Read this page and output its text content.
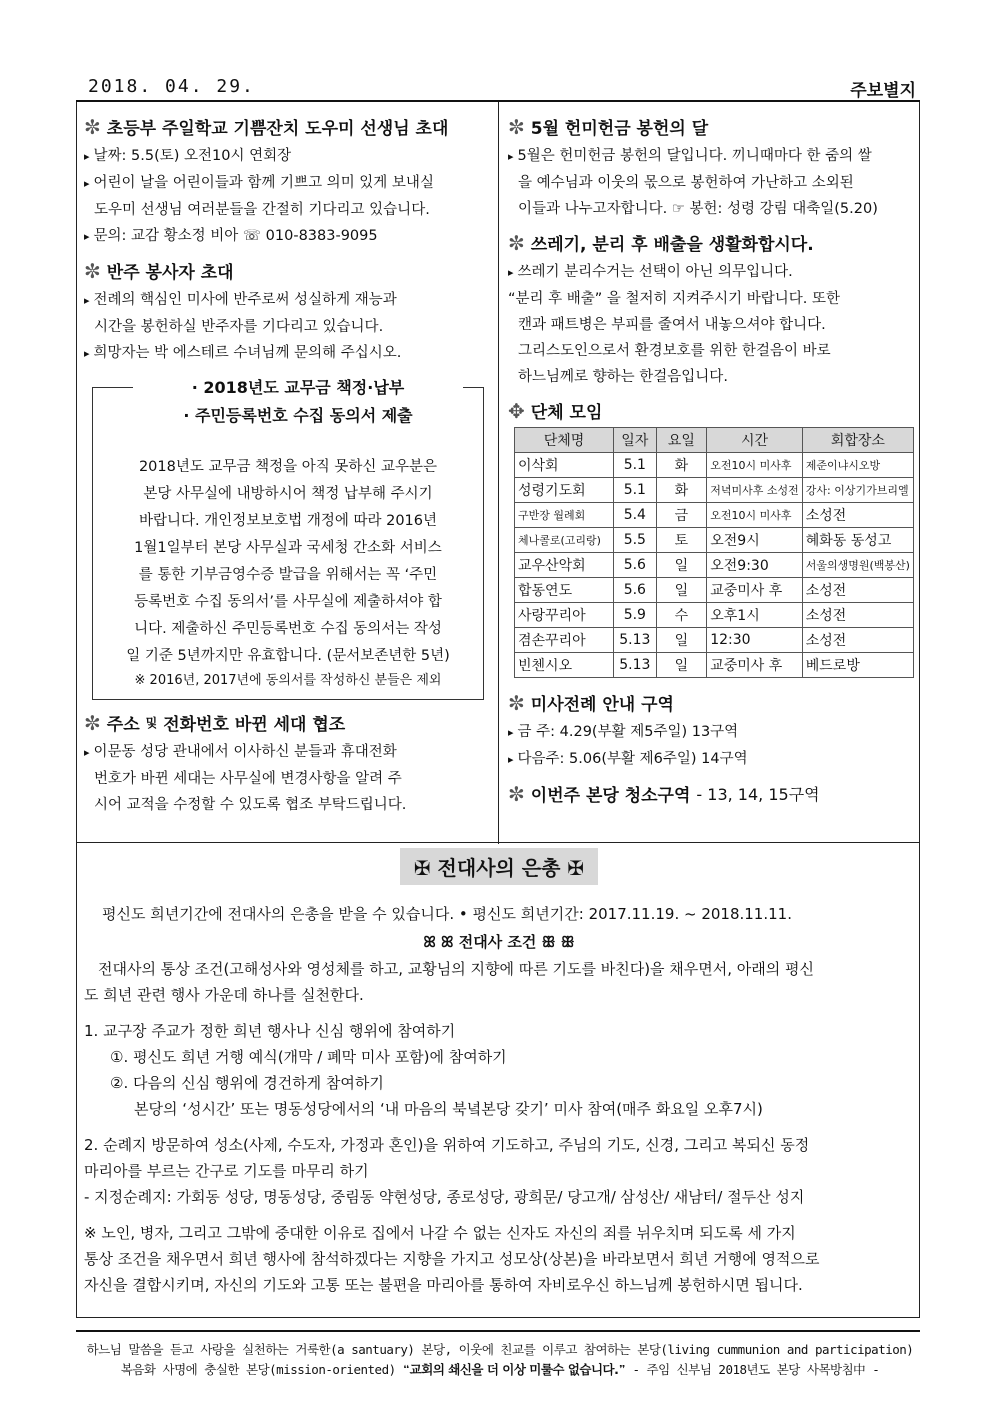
2018. 04. 29.	주보별지
✼ 초등부 주일학교 기쁨잔치 도우미 선생님 초대
▸ 날짜: 5.5(토) 오전10시 연회장
▸ 어린이 날을 어린이들과 함께 기쁘고 의미 있게 보내실
도우미 선생님 여러분들을 간절히 기다리고 있습니다.
▸ 문의: 교감 황소정 비아 ☏ 010-8383-9095
✼ 반주 봉사자 초대
▸ 전례의 핵심인 미사에 반주로써 성실하게 재능과
시간을 봉헌하실 반주자를 기다리고 있습니다.
▸ 희망자는 박 에스테르 수녀님께 문의해 주십시오.
· 2018년도 교무금 책정·납부
· 주민등록번호 수집 동의서 제출
2018년도 교무금 책정을 아직 못하신 교우분은
본당 사무실에 내방하시어 책정 납부해 주시기
바랍니다. 개인정보보호법 개정에 따라 2016년
1월1일부터 본당 사무실과 국세청 간소화 서비스
를 통한 기부금영수증 발급을 위해서는 꼭 ‘주민
등록번호 수집 동의서’를 사무실에 제출하셔야 합
니다. 제출하신 주민등록번호 수집 동의서는 작성
일 기준 5년까지만 유효합니다. (문서보존년한 5년)
※ 2016년, 2017년에 동의서를 작성하신 분들은 제외
✼ 주소 및 전화번호 바뀐 세대 협조
▸ 이문동 성당 관내에서 이사하신 분들과 휴대전화
번호가 바뀐 세대는 사무실에 변경사항을 알려 주
시어 교적을 수정할 수 있도록 협조 부탁드립니다.
✼ 5월 헌미헌금 봉헌의 달
▸ 5월은 헌미헌금 봉헌의 달입니다. 끼니때마다 한 줌의 쌀
을 예수님과 이웃의 몫으로 봉헌하여 가난하고 소외된
이들과 나누고자합니다. ☞ 봉헌: 성령 강림 대축일(5.20)
✼ 쓰레기, 분리 후 배출을 생활화합시다.
▸ 쓰레기 분리수거는 선택이 아닌 의무입니다.
“분리 후 배출” 을 철저히 지켜주시기 바랍니다. 또한
캔과 패트병은 부피를 줄여서 내놓으셔야 합니다.
그리스도인으로서 환경보호를 위한 한걸음이 바로
하느님께로 향하는 한걸음입니다.
✥ 단체 모임
단체명	일자	요일	시간	회합장소
이삭회	5.1	화	오전10시 미사후	제준이냐시오방
성령기도회	5.1	화	저녁미사후 소성전	강사: 이상기가브리엘
구반장 월례회	5.4	금	오전10시 미사후	소성전
체나콜로(고리랑)	5.5	토	오전9시	혜화동 동성고
교우산악회	5.6	일	오전9:30	서울의생명원(백봉산)
합동연도	5.6	일	교중미사 후	소성전
사랑꾸리아	5.9	수	오후1시	소성전
겸손꾸리아	5.13	일	12:30	소성전
빈첸시오	5.13	일	교중미사 후	베드로방
✼ 미사전례 안내 구역
▸ 금 주: 4.29(부활 제5주일) 13구역
▸ 다음주: 5.06(부활 제6주일) 14구역
✼ 이번주 본당 청소구역 - 13, 14, 15구역
✠ 전대사의 은총 ✠
평신도 희년기간에 전대사의 은총을 받을 수 있습니다. • 평신도 희년기간: 2017.11.19. ~ 2018.11.11.
ꕤ ꕤ 전대사 조건 ꕥ ꕥ
전대사의 통상 조건(고해성사와 영성체를 하고, 교황님의 지향에 따른 기도를 바친다)을 채우면서, 아래의 평신
도 희년 관련 행사 가운데 하나를 실천한다.
1. 교구장 주교가 정한 희년 행사나 신심 행위에 참여하기
①. 평신도 희년 거행 예식(개막 / 폐막 미사 포함)에 참여하기
②. 다음의 신심 행위에 경건하게 참여하기
본당의 ‘성시간’ 또는 명동성당에서의 ‘내 마음의 북녘본당 갖기’ 미사 참여(매주 화요일 오후7시)
2. 순례지 방문하여 성소(사제, 수도자, 가정과 혼인)을 위하여 기도하고, 주님의 기도, 신경, 그리고 복되신 동정
마리아를 부르는 간구로 기도를 마무리 하기
- 지정순례지: 가회동 성당, 명동성당, 중림동 약현성당, 종로성당, 광희문/ 당고개/ 삼성산/ 새남터/ 절두산 성지
※ 노인, 병자, 그리고 그밖에 중대한 이유로 집에서 나갈 수 없는 신자도 자신의 죄를 뉘우치며 되도록 세 가지
통상 조건을 채우면서 희년 행사에 참석하겠다는 지향을 가지고 성모상(상본)을 바라보면서 희년 거행에 영적으로
자신을 결합시키며, 자신의 기도와 고통 또는 불편을 마리아를 통하여 자비로우신 하느님께 봉헌하시면 됩니다.
하느님 말씀을 듣고 사랑을 실천하는 거룩한(a santuary) 본당, 이웃에 친교를 이루고 참여하는 본당(living cummunion and participation)
복음화 사명에 충실한 본당(mission-oriented) ❝교회의 쇄신을 더 이상 미룰수 없습니다.❞ - 주임 신부님 2018년도 본당 사목방침中 -
